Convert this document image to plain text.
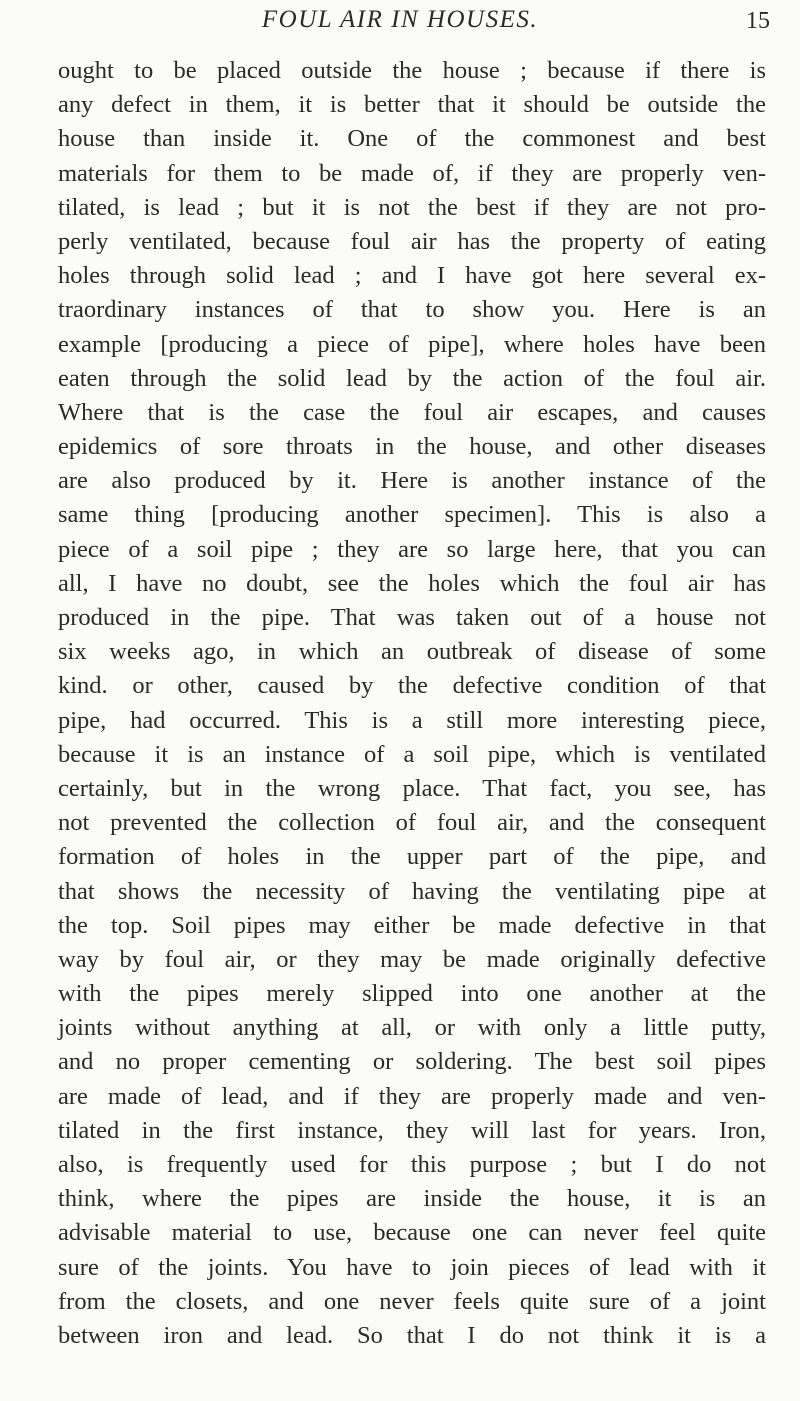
FOUL AIR IN HOUSES.	15
ought to be placed outside the house ; because if there is
any defect in them, it is better that it should be outside the
house than inside it. One of the commonest and best
materials for them to be made of, if they are properly ven-
tilated, is lead ; but it is not the best if they are not pro-
perly ventilated, because foul air has the property of eating
holes through solid lead ; and I have got here several ex-
traordinary instances of that to show you. Here is an
example [producing a piece of pipe], where holes have been
eaten through the solid lead by the action of the foul air.
Where that is the case the foul air escapes, and causes
epidemics of sore throats in the house, and other diseases
are also produced by it. Here is another instance of the
same thing [producing another specimen]. This is also a
piece of a soil pipe ; they are so large here, that you can
all, I have no doubt, see the holes which the foul air has
produced in the pipe. That was taken out of a house not
six weeks ago, in which an outbreak of disease of some
kind. or other, caused by the defective condition of that
pipe, had occurred. This is a still more interesting piece,
because it is an instance of a soil pipe, which is ventilated
certainly, but in the wrong place. That fact, you see, has
not prevented the collection of foul air, and the consequent
formation of holes in the upper part of the pipe, and
that shows the necessity of having the ventilating pipe at
the top. Soil pipes may either be made defective in that
way by foul air, or they may be made originally defective
with the pipes merely slipped into one another at the
joints without anything at all, or with only a little putty,
and no proper cementing or soldering. The best soil pipes
are made of lead, and if they are properly made and ven-
tilated in the first instance, they will last for years. Iron,
also, is frequently used for this purpose ; but I do not
think, where the pipes are inside the house, it is an
advisable material to use, because one can never feel quite
sure of the joints. You have to join pieces of lead with it
from the closets, and one never feels quite sure of a joint
between iron and lead. So that I do not think it is a
